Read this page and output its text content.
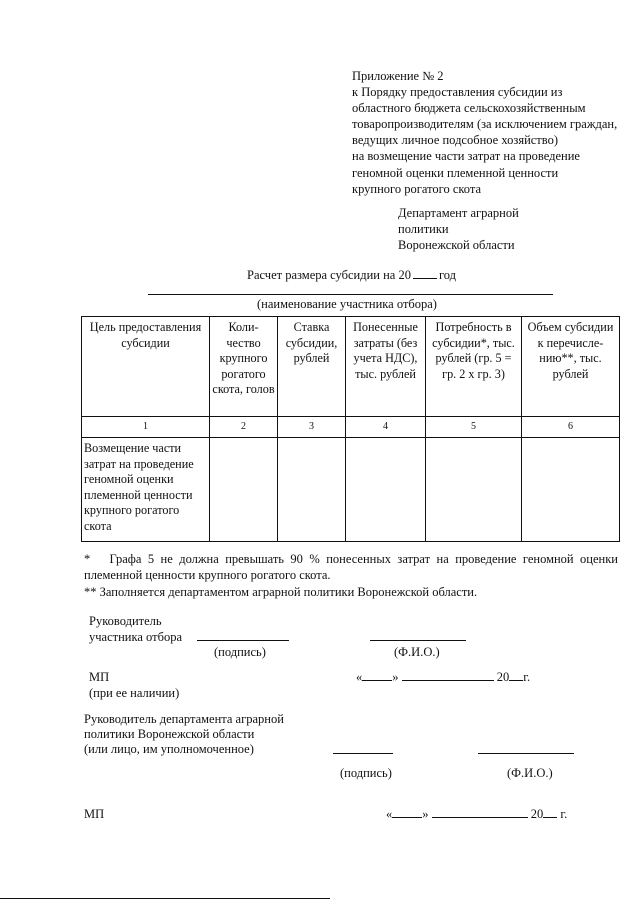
Приложение № 2
к Порядку предоставления субсидии из
областного бюджета сельскохозяйственным
товаропроизводителям (за исключением граждан,
ведущих личное подсобное хозяйство)
на возмещение части затрат на проведение
геномной оценки племенной ценности
крупного рогатого скота
Департамент аграрной
политики
Воронежской области
Расчет размера субсидии на 20 год
(наименование участника отбора)
Цель предоставления субсидии	Коли-чество крупного рогатого скота, голов	Ставка субсидии, рублей	Понесенные затраты (без учета НДС), тыс. рублей	Потребность в субсидии*, тыс. рублей (гр. 5 = гр. 2 х гр. 3)	Объем субсидии к перечисле-нию**, тыс. рублей

1	2	3	4	5	6
Возмещение части затрат на проведение геномной оценки племенной ценности крупного рогатого скота					
* Графа 5 не должна превышать 90 % понесенных затрат на проведение геномной оценки племенной ценности крупного рогатого скота.
** Заполняется департаментом аграрной политики Воронежской области.
Руководитель
участника отбора
(подпись)	(Ф.И.О.)
МП
(при ее наличии)
« »	20 г.
Руководитель департамента аграрной
политики Воронежской области
(или лицо, им уполномоченное)
(подпись)	(Ф.И.О.)
МП	« »	20 г.
